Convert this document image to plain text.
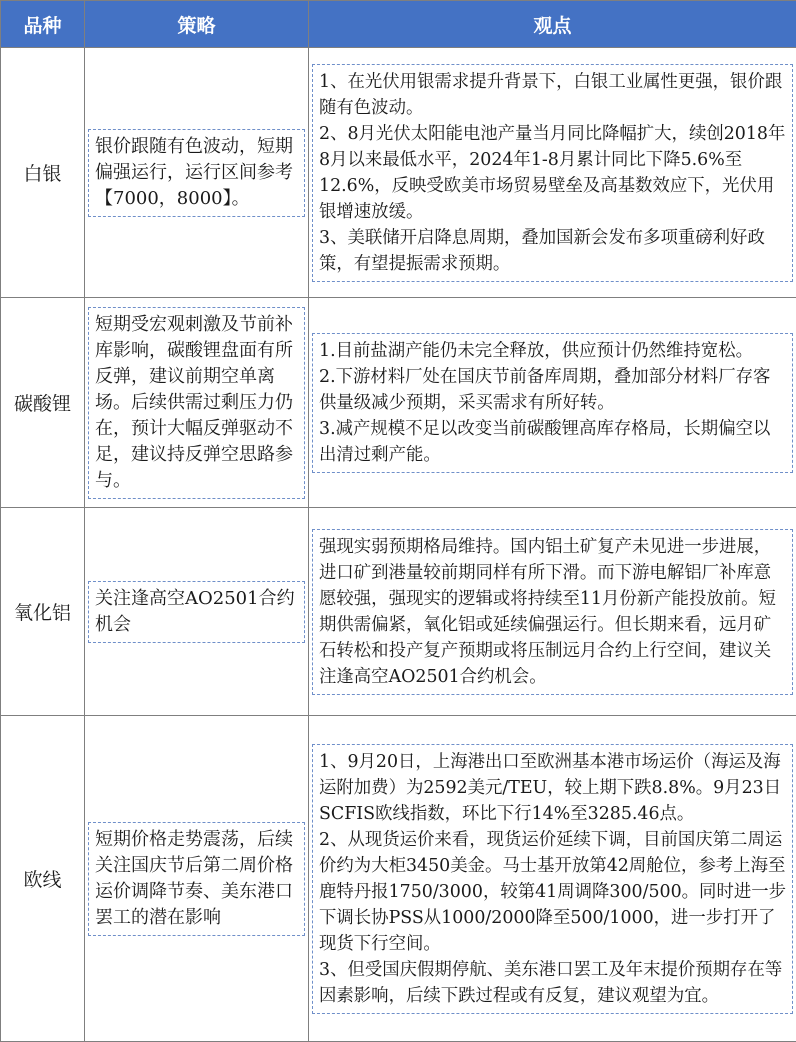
品种	策略	观点
白银	银价跟随有色波动，短期偏强运行，运行区间参考【7000，8000】。	1、在光伏用银需求提升背景下，白银工业属性更强，银价跟随有色波动。

2、8月光伏太阳能电池产量当月同比降幅扩大，续创2018年8月以来最低水平，2024年1-8月累计同比下降5.6%至12.6%，反映受欧美市场贸易壁垒及高基数效应下，光伏用银增速放缓。

3、美联储开启降息周期，叠加国新会发布多项重磅利好政策，有望提振需求预期。

碳酸锂	短期受宏观刺激及节前补库影响，碳酸锂盘面有所反弹，建议前期空单离场。后续供需过剩压力仍在，预计大幅反弹驱动不足，建议持反弹空思路参与。	1.目前盐湖产能仍未完全释放，供应预计仍然维持宽松。

2.下游材料厂处在国庆节前备库周期，叠加部分材料厂存客供量级减少预期，采买需求有所好转。

3.减产规模不足以改变当前碳酸锂高库存格局，长期偏空以出清过剩产能。

氧化铝	关注逢高空AO2501合约机会	强现实弱预期格局维持。国内铝土矿复产未见进一步进展，进口矿到港量较前期同样有所下滑。而下游电解铝厂补库意愿较强，强现实的逻辑或将持续至11月份新产能投放前。短期供需偏紧，氧化铝或延续偏强运行。但长期来看，远月矿石转松和投产复产预期或将压制远月合约上行空间，建议关注逢高空AO2501合约机会。

欧线	短期价格走势震荡，后续关注国庆节后第二周价格运价调降节奏、美东港口罢工的潜在影响	1、9月20日，上海港出口至欧洲基本港市场运价（海运及海运附加费）为2592美元/TEU，较上期下跌8.8%。9月23日SCFIS欧线指数，环比下行14%至3285.46点。

2、从现货运价来看，现货运价延续下调，目前国庆第二周运价约为大柜3450美金。马士基开放第42周舱位，参考上海至鹿特丹报1750/3000，较第41周调降300/500。同时进一步下调长协PSS从1000/2000降至500/1000，进一步打开了现货下行空间。

3、但受国庆假期停航、美东港口罢工及年末提价预期存在等因素影响，后续下跌过程或有反复，建议观望为宜。
